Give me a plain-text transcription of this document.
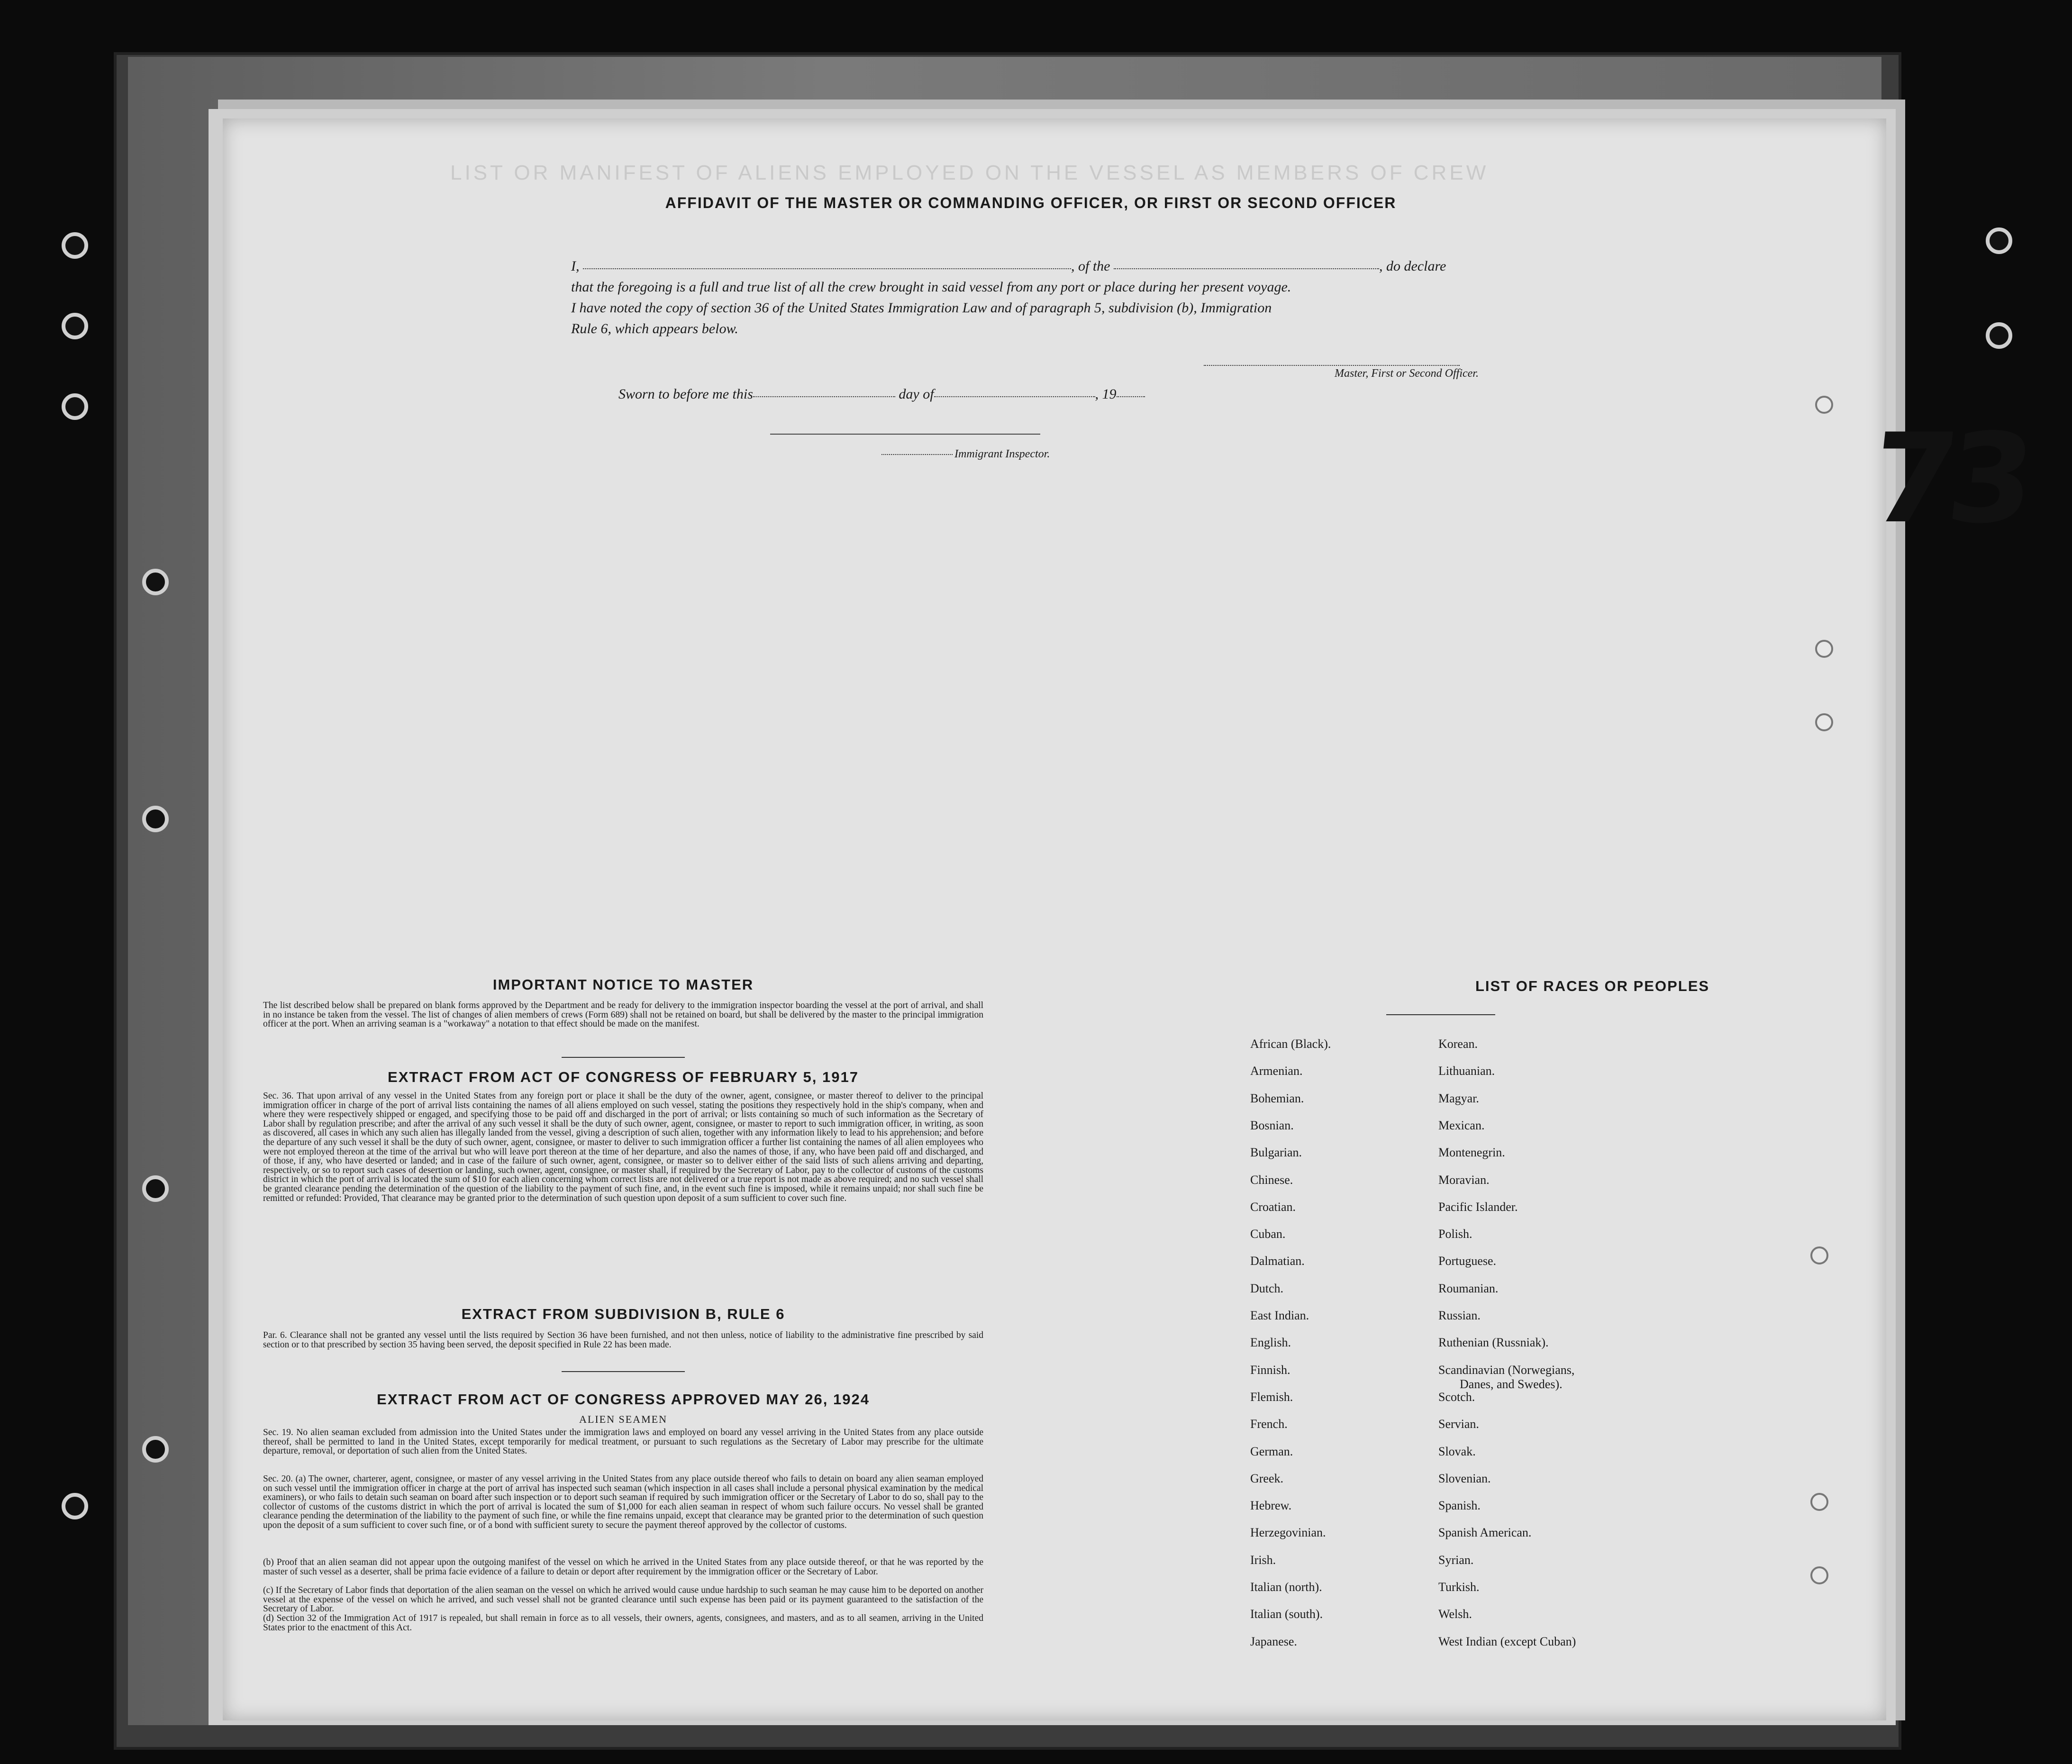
LIST OR MANIFEST OF ALIENS EMPLOYED ON THE VESSEL AS MEMBERS OF CREW
73
AFFIDAVIT OF THE MASTER OR COMMANDING OFFICER, OR FIRST OR SECOND OFFICER
I,	, of the	, do declare
that the foregoing is a full and true list of all the crew brought in said vessel from any port or place during her present voyage.
I have noted the copy of section 36 of the United States Immigration Law and of paragraph 5, subdivision (b), Immigration
Rule 6, which appears below.
Master, First or Second Officer.
Sworn to before me this	day of	, 19
Immigrant Inspector.
IMPORTANT NOTICE TO MASTER
The list described below shall be prepared on blank forms approved by the Department and be ready for delivery to the immigration inspector boarding the vessel at the port of arrival, and shall in no instance be taken from the vessel. The list of changes of alien members of crews (Form 689) shall not be retained on board, but shall be delivered by the master to the principal immigration officer at the port. When an arriving seaman is a "workaway" a notation to that effect should be made on the manifest.
EXTRACT FROM ACT OF CONGRESS OF FEBRUARY 5, 1917
Sec. 36. That upon arrival of any vessel in the United States from any foreign port or place it shall be the duty of the owner, agent, consignee, or master thereof to deliver to the principal immigration officer in charge of the port of arrival lists containing the names of all aliens employed on such vessel, stating the positions they respectively hold in the ship's company, when and where they were respectively shipped or engaged, and specifying those to be paid off and discharged in the port of arrival; or lists containing so much of such information as the Secretary of Labor shall by regulation prescribe; and after the arrival of any such vessel it shall be the duty of such owner, agent, consignee, or master to report to such immigration officer, in writing, as soon as discovered, all cases in which any such alien has illegally landed from the vessel, giving a description of such alien, together with any information likely to lead to his apprehension; and before the departure of any such vessel it shall be the duty of such owner, agent, consignee, or master to deliver to such immigration officer a further list containing the names of all alien employees who were not employed thereon at the time of the arrival but who will leave port thereon at the time of her departure, and also the names of those, if any, who have been paid off and discharged, and of those, if any, who have deserted or landed; and in case of the failure of such owner, agent, consignee, or master so to deliver either of the said lists of such aliens arriving and departing, respectively, or so to report such cases of desertion or landing, such owner, agent, consignee, or master shall, if required by the Secretary of Labor, pay to the collector of customs of the customs district in which the port of arrival is located the sum of $10 for each alien concerning whom correct lists are not delivered or a true report is not made as above required; and no such vessel shall be granted clearance pending the determination of the question of the liability to the payment of such fine, and, in the event such fine is imposed, while it remains unpaid; nor shall such fine be remitted or refunded: Provided, That clearance may be granted prior to the determination of such question upon deposit of a sum sufficient to cover such fine.
EXTRACT FROM SUBDIVISION B, RULE 6
Par. 6. Clearance shall not be granted any vessel until the lists required by Section 36 have been furnished, and not then unless, notice of liability to the administrative fine prescribed by said section or to that prescribed by section 35 having been served, the deposit specified in Rule 22 has been made.
EXTRACT FROM ACT OF CONGRESS APPROVED MAY 26, 1924
ALIEN SEAMEN
Sec. 19. No alien seaman excluded from admission into the United States under the immigration laws and employed on board any vessel arriving in the United States from any place outside thereof, shall be permitted to land in the United States, except temporarily for medical treatment, or pursuant to such regulations as the Secretary of Labor may prescribe for the ultimate departure, removal, or deportation of such alien from the United States.
Sec. 20. (a) The owner, charterer, agent, consignee, or master of any vessel arriving in the United States from any place outside thereof who fails to detain on board any alien seaman employed on such vessel until the immigration officer in charge at the port of arrival has inspected such seaman (which inspection in all cases shall include a personal physical examination by the medical examiners), or who fails to detain such seaman on board after such inspection or to deport such seaman if required by such immigration officer or the Secretary of Labor to do so, shall pay to the collector of customs of the customs district in which the port of arrival is located the sum of $1,000 for each alien seaman in respect of whom such failure occurs. No vessel shall be granted clearance pending the determination of the liability to the payment of such fine, or while the fine remains unpaid, except that clearance may be granted prior to the determination of such question upon the deposit of a sum sufficient to cover such fine, or of a bond with sufficient surety to secure the payment thereof approved by the collector of customs.
(b) Proof that an alien seaman did not appear upon the outgoing manifest of the vessel on which he arrived in the United States from any place outside thereof, or that he was reported by the master of such vessel as a deserter, shall be prima facie evidence of a failure to detain or deport after requirement by the immigration officer or the Secretary of Labor.
(c) If the Secretary of Labor finds that deportation of the alien seaman on the vessel on which he arrived would cause undue hardship to such seaman he may cause him to be deported on another vessel at the expense of the vessel on which he arrived, and such vessel shall not be granted clearance until such expense has been paid or its payment guaranteed to the satisfaction of the Secretary of Labor.
(d) Section 32 of the Immigration Act of 1917 is repealed, but shall remain in force as to all vessels, their owners, agents, consignees, and masters, and as to all seamen, arriving in the United States prior to the enactment of this Act.
LIST OF RACES OR PEOPLES
African (Black).
Armenian.
Bohemian.
Bosnian.
Bulgarian.
Chinese.
Croatian.
Cuban.
Dalmatian.
Dutch.
East Indian.
English.
Finnish.
Flemish.
French.
German.
Greek.
Hebrew.
Herzegovinian.
Irish.
Italian (north).
Italian (south).
Japanese.
Korean.
Lithuanian.
Magyar.
Mexican.
Montenegrin.
Moravian.
Pacific Islander.
Polish.
Portuguese.
Roumanian.
Russian.
Ruthenian (Russniak).
Scandinavian (Norwegians,
Danes, and Swedes).
Scotch.
Servian.
Slovak.
Slovenian.
Spanish.
Spanish American.
Syrian.
Turkish.
Welsh.
West Indian (except Cuban)
